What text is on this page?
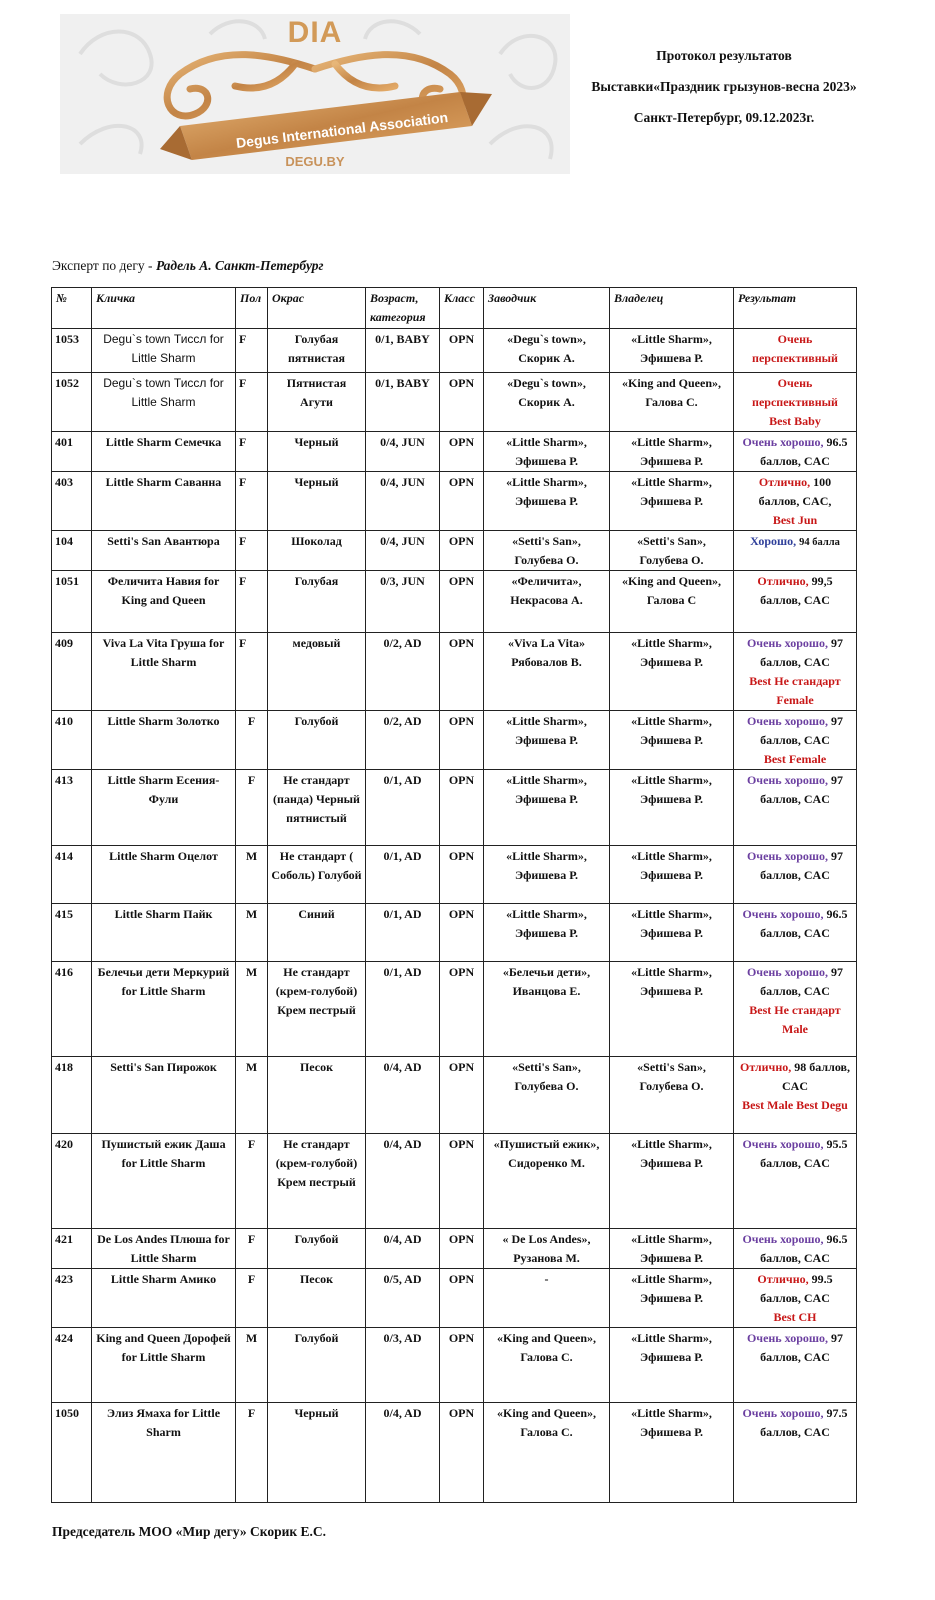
DIA
Degus International Association
DEGU.BY
Протокол результатов
Выставки«Праздник грызунов-весна 2023»
Санкт-Петербург, 09.12.2023г.
Эксперт по дегу - Радель А. Санкт-Петербург
№	Кличка	Пол	Окрас	Возраст, категория	Класс	Заводчик	Владелец	Результат
1053	Degu`s town Тиссл for Little Sharm	F	Голубая пятнистая	0/1, BABY	OPN	«Degu`s town», Скорик А.	«Little Sharm», Эфишева Р.	Очень перспективный
1052	Degu`s town Тиссл for Little Sharm	F	Пятнистая Агути	0/1, BABY	OPN	«Degu`s town», Скорик А.	«King and Queen», Галова С.	Очень перспективный
Best Baby

401	Little Sharm Семечка	F	Черный	0/4, JUN	OPN	«Little Sharm», Эфишева Р.	«Little Sharm», Эфишева Р.	Очень хорошо, 96.5 баллов, CAC
403	Little Sharm Саванна	F	Черный	0/4, JUN	OPN	«Little Sharm», Эфишева Р.	«Little Sharm», Эфишева Р.	Отлично, 100 баллов, CAC,
Best Jun

104	Setti's San Авантюра	F	Шоколад	0/4, JUN	OPN	«Setti's San», Голубева О.	«Setti's San», Голубева О.	Хорошо, 94 балла
1051	Феличита Навия for King and Queen	F	Голубая	0/3, JUN	OPN	«Феличита», Некрасова А.	«King and Queen», Галова С	Отлично, 99,5 баллов, CAC
409	Viva La Vita Груша for Little Sharm	F	медовый	0/2, AD	OPN	«Viva La Vita» Рябовалов В.	«Little Sharm», Эфишева Р.	Очень хорошо, 97 баллов, CAC
Best Не стандарт Female

410	Little Sharm Золотко	F	Голубой	0/2, AD	OPN	«Little Sharm», Эфишева Р.	«Little Sharm», Эфишева Р.	Очень хорошо, 97 баллов, CAC
Best Female

413	Little Sharm Есения-Фули	F	Не стандарт (панда) Черный пятнистый	0/1, AD	OPN	«Little Sharm», Эфишева Р.	«Little Sharm», Эфишева Р.	Очень хорошо, 97 баллов, CAC
414	Little Sharm Оцелот	M	Не стандарт ( Соболь) Голубой	0/1, AD	OPN	«Little Sharm», Эфишева Р.	«Little Sharm», Эфишева Р.	Очень хорошо, 97 баллов, CAC
415	Little Sharm Пайк	M	Синий	0/1, AD	OPN	«Little Sharm», Эфишева Р.	«Little Sharm», Эфишева Р.	Очень хорошо, 96.5 баллов, CAC
416	Белечьи дети Меркурий for Little Sharm	M	Не стандарт (крем-голубой) Крем пестрый	0/1, AD	OPN	«Белечьи дети», Иванцова Е.	«Little Sharm», Эфишева Р.	Очень хорошо, 97 баллов, CAC
Best Не стандарт Male

418	Setti's San Пирожок	M	Песок	0/4, AD	OPN	«Setti's San», Голубева О.	«Setti's San», Голубева О.	Отлично, 98 баллов, CAC
Best Male Best Degu

420	Пушистый ежик Даша for Little Sharm	F	Не стандарт (крем-голубой) Крем пестрый	0/4, AD	OPN	«Пушистый ежик», Сидоренко М.	«Little Sharm», Эфишева Р.	Очень хорошо, 95.5 баллов, CAC
421	De Los Andes Плюша for Little Sharm	F	Голубой	0/4, AD	OPN	« De Los Andes», Рузанова М.	«Little Sharm», Эфишева Р.	Очень хорошо, 96.5 баллов, CAC
423	Little Sharm Амико	F	Песок	0/5, AD	OPN	-	«Little Sharm», Эфишева Р.	Отлично, 99.5 баллов, CAC
Best CH

424	King and Queen Дорофей for Little Sharm	M	Голубой	0/3, AD	OPN	«King and Queen», Галова С.	«Little Sharm», Эфишева Р.	Очень хорошо, 97 баллов, CAC
1050	Элиз Ямаха for Little Sharm	F	Черный	0/4, AD	OPN	«King and Queen», Галова С.	«Little Sharm», Эфишева Р.	Очень хорошо, 97.5 баллов, CAC
Председатель МОО «Мир дегу» Скорик Е.С.
